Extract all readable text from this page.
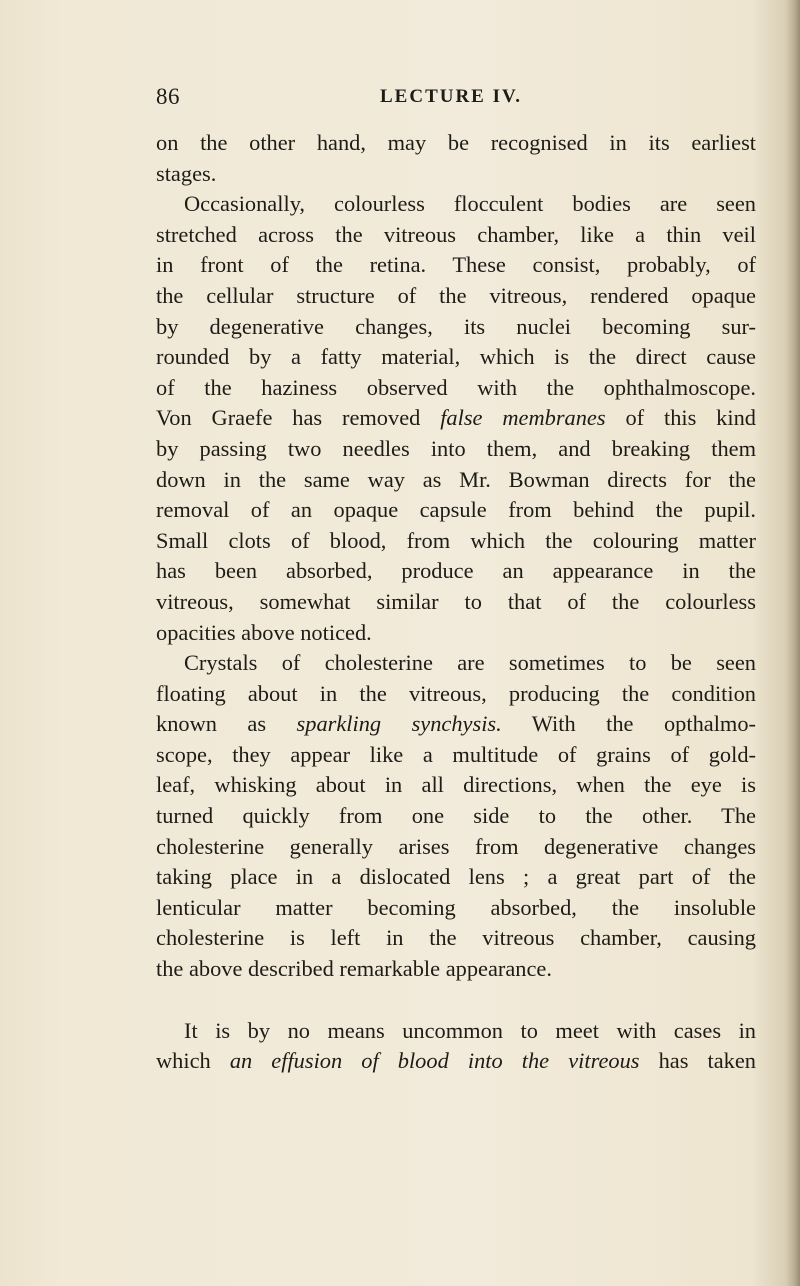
86	LECTURE IV.
on the other hand, may be recognised in its earliest
stages.
Occasionally, colourless flocculent bodies are seen
stretched across the vitreous chamber, like a thin veil
in front of the retina. These consist, probably, of
the cellular structure of the vitreous, rendered opaque
by degenerative changes, its nuclei becoming sur-
rounded by a fatty material, which is the direct cause
of the haziness observed with the ophthalmoscope.
Von Graefe has removed false membranes of this kind
by passing two needles into them, and breaking them
down in the same way as Mr. Bowman directs for the
removal of an opaque capsule from behind the pupil.
Small clots of blood, from which the colouring matter
has been absorbed, produce an appearance in the
vitreous, somewhat similar to that of the colourless
opacities above noticed.
Crystals of cholesterine are sometimes to be seen
floating about in the vitreous, producing the condition
known as sparkling synchysis. With the opthalmo-
scope, they appear like a multitude of grains of gold-
leaf, whisking about in all directions, when the eye is
turned quickly from one side to the other. The
cholesterine generally arises from degenerative changes
taking place in a dislocated lens ; a great part of the
lenticular matter becoming absorbed, the insoluble
cholesterine is left in the vitreous chamber, causing
the above described remarkable appearance.
It is by no means uncommon to meet with cases in
which an effusion of blood into the vitreous has taken
